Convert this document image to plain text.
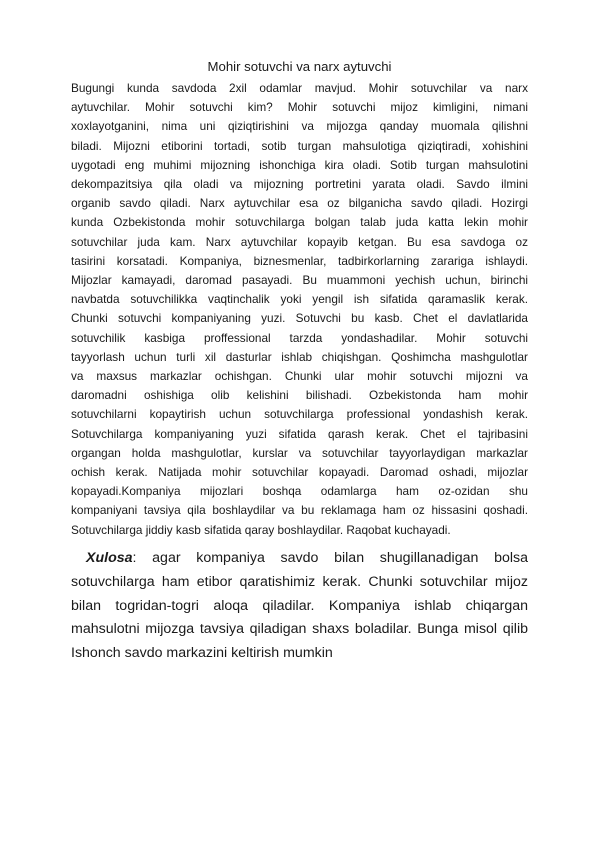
Mohir sotuvchi va narx aytuvchi
Bugungi kunda savdoda 2xil odamlar mavjud. Mohir sotuvchilar va narx
aytuvchilar. Mohir sotuvchi kim? Mohir sotuvchi mijoz kimligini, nimani
xoxlayotganini, nima uni qiziqtirishini va mijozga qanday muomala qilishni
biladi. Mijozni etiborini tortadi, sotib turgan mahsulotiga qiziqtiradi, xohishini
uygotadi eng muhimi mijozning ishonchiga kira oladi. Sotib turgan mahsulotini
dekompazitsiya qila oladi va mijozning portretini yarata oladi. Savdo ilmini
organib savdo qiladi. Narx aytuvchilar esa oz bilganicha savdo qiladi. Hozirgi
kunda Ozbekistonda mohir sotuvchilarga bolgan talab juda katta lekin mohir
sotuvchilar juda kam. Narx aytuvchilar kopayib ketgan. Bu esa savdoga oz
tasirini korsatadi. Kompaniya, biznesmenlar, tadbirkorlarning zarariga ishlaydi.
Mijozlar kamayadi, daromad pasayadi. Bu muammoni yechish uchun, birinchi
navbatda sotuvchilikka vaqtinchalik yoki yengil ish sifatida qaramaslik kerak.
Chunki sotuvchi kompaniyaning yuzi. Sotuvchi bu kasb. Chet el davlatlarida
sotuvchilik kasbiga proffessional tarzda yondashadilar. Mohir sotuvchi
tayyorlash uchun turli xil dasturlar ishlab chiqishgan. Qoshimcha mashgulotlar
va maxsus markazlar ochishgan. Chunki ular mohir sotuvchi mijozni va
daromadni oshishiga olib kelishini bilishadi. Ozbekistonda ham mohir
sotuvchilarni kopaytirish uchun sotuvchilarga professional yondashish kerak.
Sotuvchilarga kompaniyaning yuzi sifatida qarash kerak. Chet el tajribasini
organgan holda mashgulotlar, kurslar va sotuvchilar tayyorlaydigan markazlar
ochish kerak. Natijada mohir sotuvchilar kopayadi. Daromad oshadi, mijozlar
kopayadi.Kompaniya mijozlari boshqa odamlarga ham oz-ozidan shu
kompaniyani tavsiya qila boshlaydilar va bu reklamaga ham oz hissasini qoshadi.
Sotuvchilarga jiddiy kasb sifatida qaray boshlaydilar. Raqobat kuchayadi.
Xulosa: agar kompaniya savdo bilan shugillanadigan bolsa
sotuvchilarga ham etibor qaratishimiz kerak. Chunki sotuvchilar mijoz
bilan togridan-togri aloqa qiladilar. Kompaniya ishlab chiqargan
mahsulotni mijozga tavsiya qiladigan shaxs boladilar. Bunga misol qilib
Ishonch savdo markazini keltirish mumkin
